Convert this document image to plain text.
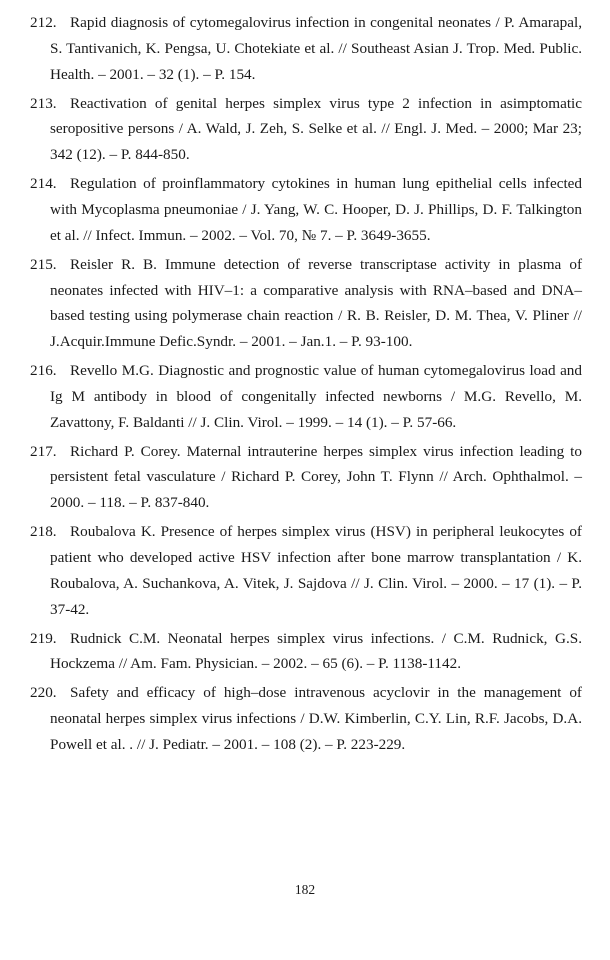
212. Rapid diagnosis of cytomegalovirus infection in congenital neonates / P. Amarapal, S. Tantivanich, K. Pengsa, U. Chotekiate et al. // Southeast Asian J. Trop. Med. Public. Health. – 2001. – 32 (1). – P. 154.
213. Reactivation of genital herpes simplex virus type 2 infection in asimptomatic seropositive persons / A. Wald, J. Zeh, S. Selke et al. // Engl. J. Med. – 2000; Mar 23; 342 (12). – P. 844-850.
214. Regulation of proinflammatory cytokines in human lung epithelial cells infected with Mycoplasma pneumoniae / J. Yang, W. C. Hooper, D. J. Phillips, D. F. Talkington et al. // Infect. Immun. – 2002. – Vol. 70, № 7. – P. 3649-3655.
215. Reisler R. B. Immune detection of reverse transcriptase activity in plasma of neonates infected with HIV–1: a comparative analysis with RNA–based and DNA–based testing using polymerase chain reaction / R. B. Reisler, D. M. Thea, V. Pliner // J.Acquir.Immune Defic.Syndr. – 2001. – Jan.1. – P. 93-100.
216. Revello M.G. Diagnostic and prognostic value of human cytomegalovirus load and Ig M antibody in blood of congenitally infected newborns / M.G. Revello, M. Zavattony, F. Baldanti // J. Clin. Virol. – 1999. – 14 (1). – P. 57-66.
217. Richard P. Corey. Maternal intrauterine herpes simplex virus infection leading to persistent fetal vasculature / Richard P. Corey, John T. Flynn // Arch. Ophthalmol. – 2000. – 118. – P. 837-840.
218. Roubalova K. Presence of herpes simplex virus (HSV) in peripheral leukocytes of patient who developed active HSV infection after bone marrow transplantation / K. Roubalova, A. Suchankova, A. Vitek, J. Sajdova // J. Clin. Virol. – 2000. – 17 (1). – P. 37-42.
219. Rudnick C.M. Neonatal herpes simplex virus infections. / C.M. Rudnick, G.S. Hockzema // Am. Fam. Physician. – 2002. – 65 (6). – P. 1138-1142.
220. Safety and efficacy of high–dose intravenous acyclovir in the management of neonatal herpes simplex virus infections / D.W. Kimberlin, C.Y. Lin, R.F. Jacobs, D.A. Powell et al. . // J. Pediatr. – 2001. – 108 (2). – P. 223-229.
182
